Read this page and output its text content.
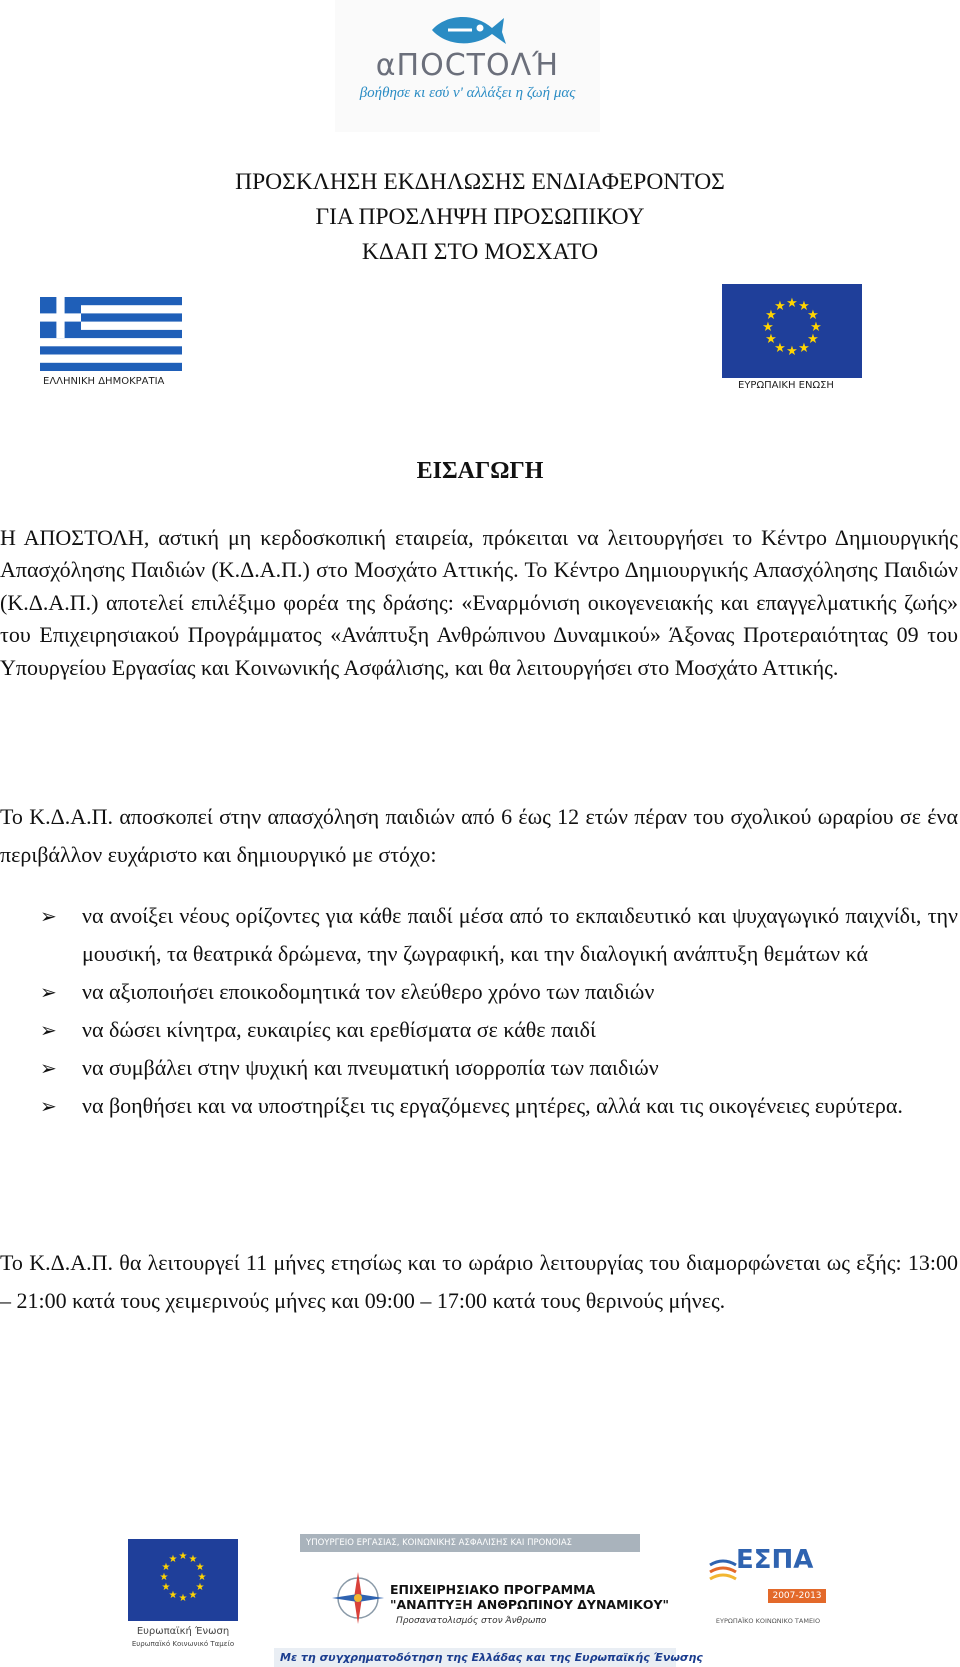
αΠΟCΤΟΛΉ
βοήθησε κι εσύ ν' αλλάξει η ζωή μας
ΠΡΟΣΚΛΗΣΗ ΕΚΔΗΛΩΣΗΣ ΕΝΔΙΑΦΕΡΟΝΤΟΣ
ΓΙΑ ΠΡΟΣΛΗΨΗ ΠΡΟΣΩΠΙΚΟΥ
ΚΔΑΠ ΣΤΟ ΜΟΣΧΑΤΟ
ΕΛΛΗΝΙΚΗ ΔΗΜΟΚΡΑΤΙΑ
★ ★
★
★
★
★
★
★
★
★
★
★
ΕΥΡΩΠΑΙΚΗ ΕΝΩΣΗ
ΕΙΣΑΓΩΓΗ
Η ΑΠΟΣΤΟΛΗ, αστική μη κερδοσκοπική εταιρεία, πρόκειται να λειτουργήσει το Κέντρο Δημιουργικής Απασχόλησης Παιδιών (Κ.Δ.Α.Π.) στο Μοσχάτο Αττικής. Το Κέντρο Δημιουργικής Απασχόλησης Παιδιών (Κ.Δ.Α.Π.) αποτελεί επιλέξιμο φορέα της δράσης: «Εναρμόνιση οικογενειακής και επαγγελματικής ζωής» του Επιχειρησιακού Προγράμματος «Ανάπτυξη Ανθρώπινου Δυναμικού» Άξονας Προτεραιότητας 09 του Υπουργείου Εργασίας και Κοινωνικής Ασφάλισης, και θα λειτουργήσει στο Μοσχάτο Αττικής.
Το Κ.Δ.Α.Π. αποσκοπεί στην απασχόληση παιδιών από 6 έως 12 ετών πέραν του σχολικού ωραρίου σε ένα περιβάλλον ευχάριστο και δημιουργικό με στόχο:
➢ να ανοίξει νέους ορίζοντες για κάθε παιδί μέσα από το εκπαιδευτικό και ψυχαγωγικό παιχνίδι, την μουσική, τα θεατρικά δρώμενα, την ζωγραφική, και την διαλογική ανάπτυξη θεμάτων κά
➢ να αξιοποιήσει εποικοδομητικά τον ελεύθερο χρόνο των παιδιών
➢ να δώσει κίνητρα, ευκαιρίες και ερεθίσματα σε κάθε παιδί
➢ να συμβάλει στην ψυχική και πνευματική ισορροπία των παιδιών
➢ να βοηθήσει και να υποστηρίξει τις εργαζόμενες μητέρες, αλλά και τις οικογένειες ευρύτερα.
Το Κ.Δ.Α.Π. θα λειτουργεί 11 μήνες ετησίως και το ωράριο λειτουργίας του διαμορφώνεται ως εξής: 13:00 – 21:00 κατά τους χειμερινούς μήνες και 09:00 – 17:00 κατά τους θερινούς μήνες.
★ ★
★
★
★
★
★
★
★
★
★
★
Ευρωπαϊκή Ένωση
Ευρωπαϊκό Κοινωνικό Ταμείο
ΥΠΟΥΡΓΕΙΟ ΕΡΓΑΣΙΑΣ, ΚΟΙΝΩΝΙΚΗΣ ΑΣΦΑΛΙΣΗΣ ΚΑΙ ΠΡΟΝΟΙΑΣ
ΕΠΙΧΕΙΡΗΣΙΑΚΟ ΠΡΟΓΡΑΜΜΑ
"ΑΝΑΠΤΥΞΗ ΑΝΘΡΩΠΙΝΟΥ ΔΥΝΑΜΙΚΟΥ"
Προσανατολισμός στον Άνθρωπο
Με τη συγχρηματοδότηση της Ελλάδας και της Ευρωπαϊκής Ένωσης
ΕΣΠΑ
2007-2013
ΕΥΡΩΠΑΪΚΟ ΚΟΙΝΩΝΙΚΟ ΤΑΜΕΙΟ
